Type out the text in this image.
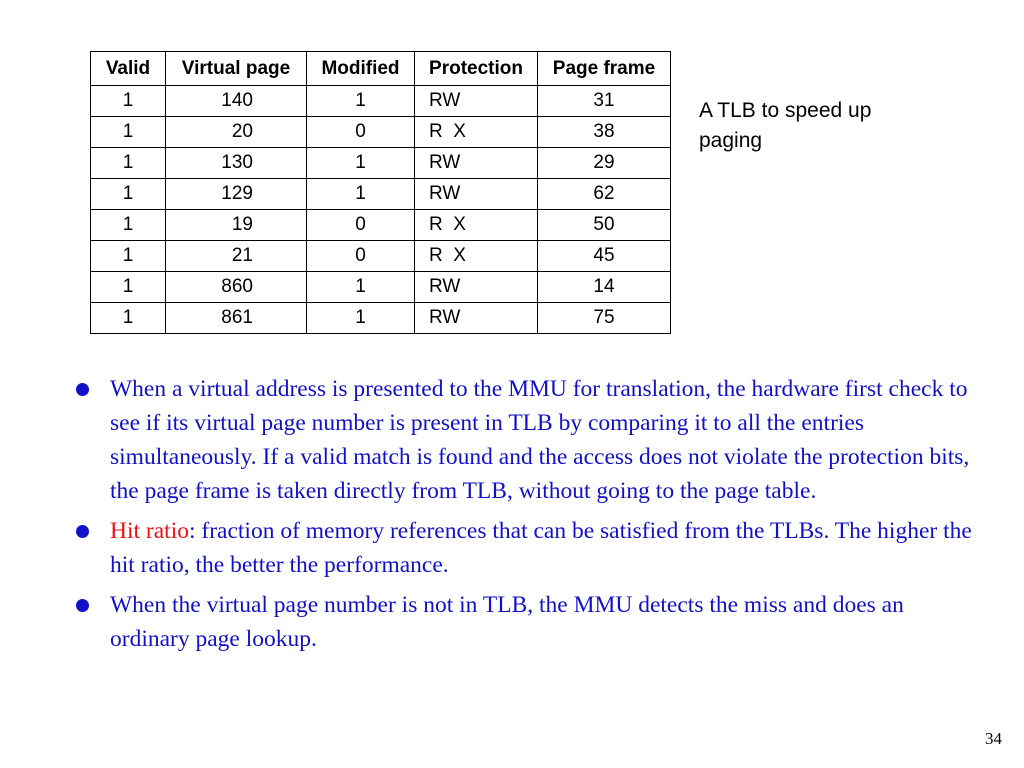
Valid	Virtual page	Modified	Protection	Page frame
1	140	1	RW	31
1	20	0	R  X	38
1	130	1	RW	29
1	129	1	RW	62
1	19	0	R  X	50
1	21	0	R  X	45
1	860	1	RW	14
1	861	1	RW	75
A TLB to speed up paging
When a virtual address is presented to the MMU for translation, the hardware first check to see if its virtual page number is present in TLB by comparing it to all the entries simultaneously. If a valid match is found and the access does not violate the protection bits, the page frame is taken directly from TLB, without going to the page table.
Hit ratio: fraction of memory references that can be satisfied from the TLBs. The higher the hit ratio, the better the performance.
When the virtual page number is not in TLB, the MMU detects the miss and does an ordinary page lookup.
34
